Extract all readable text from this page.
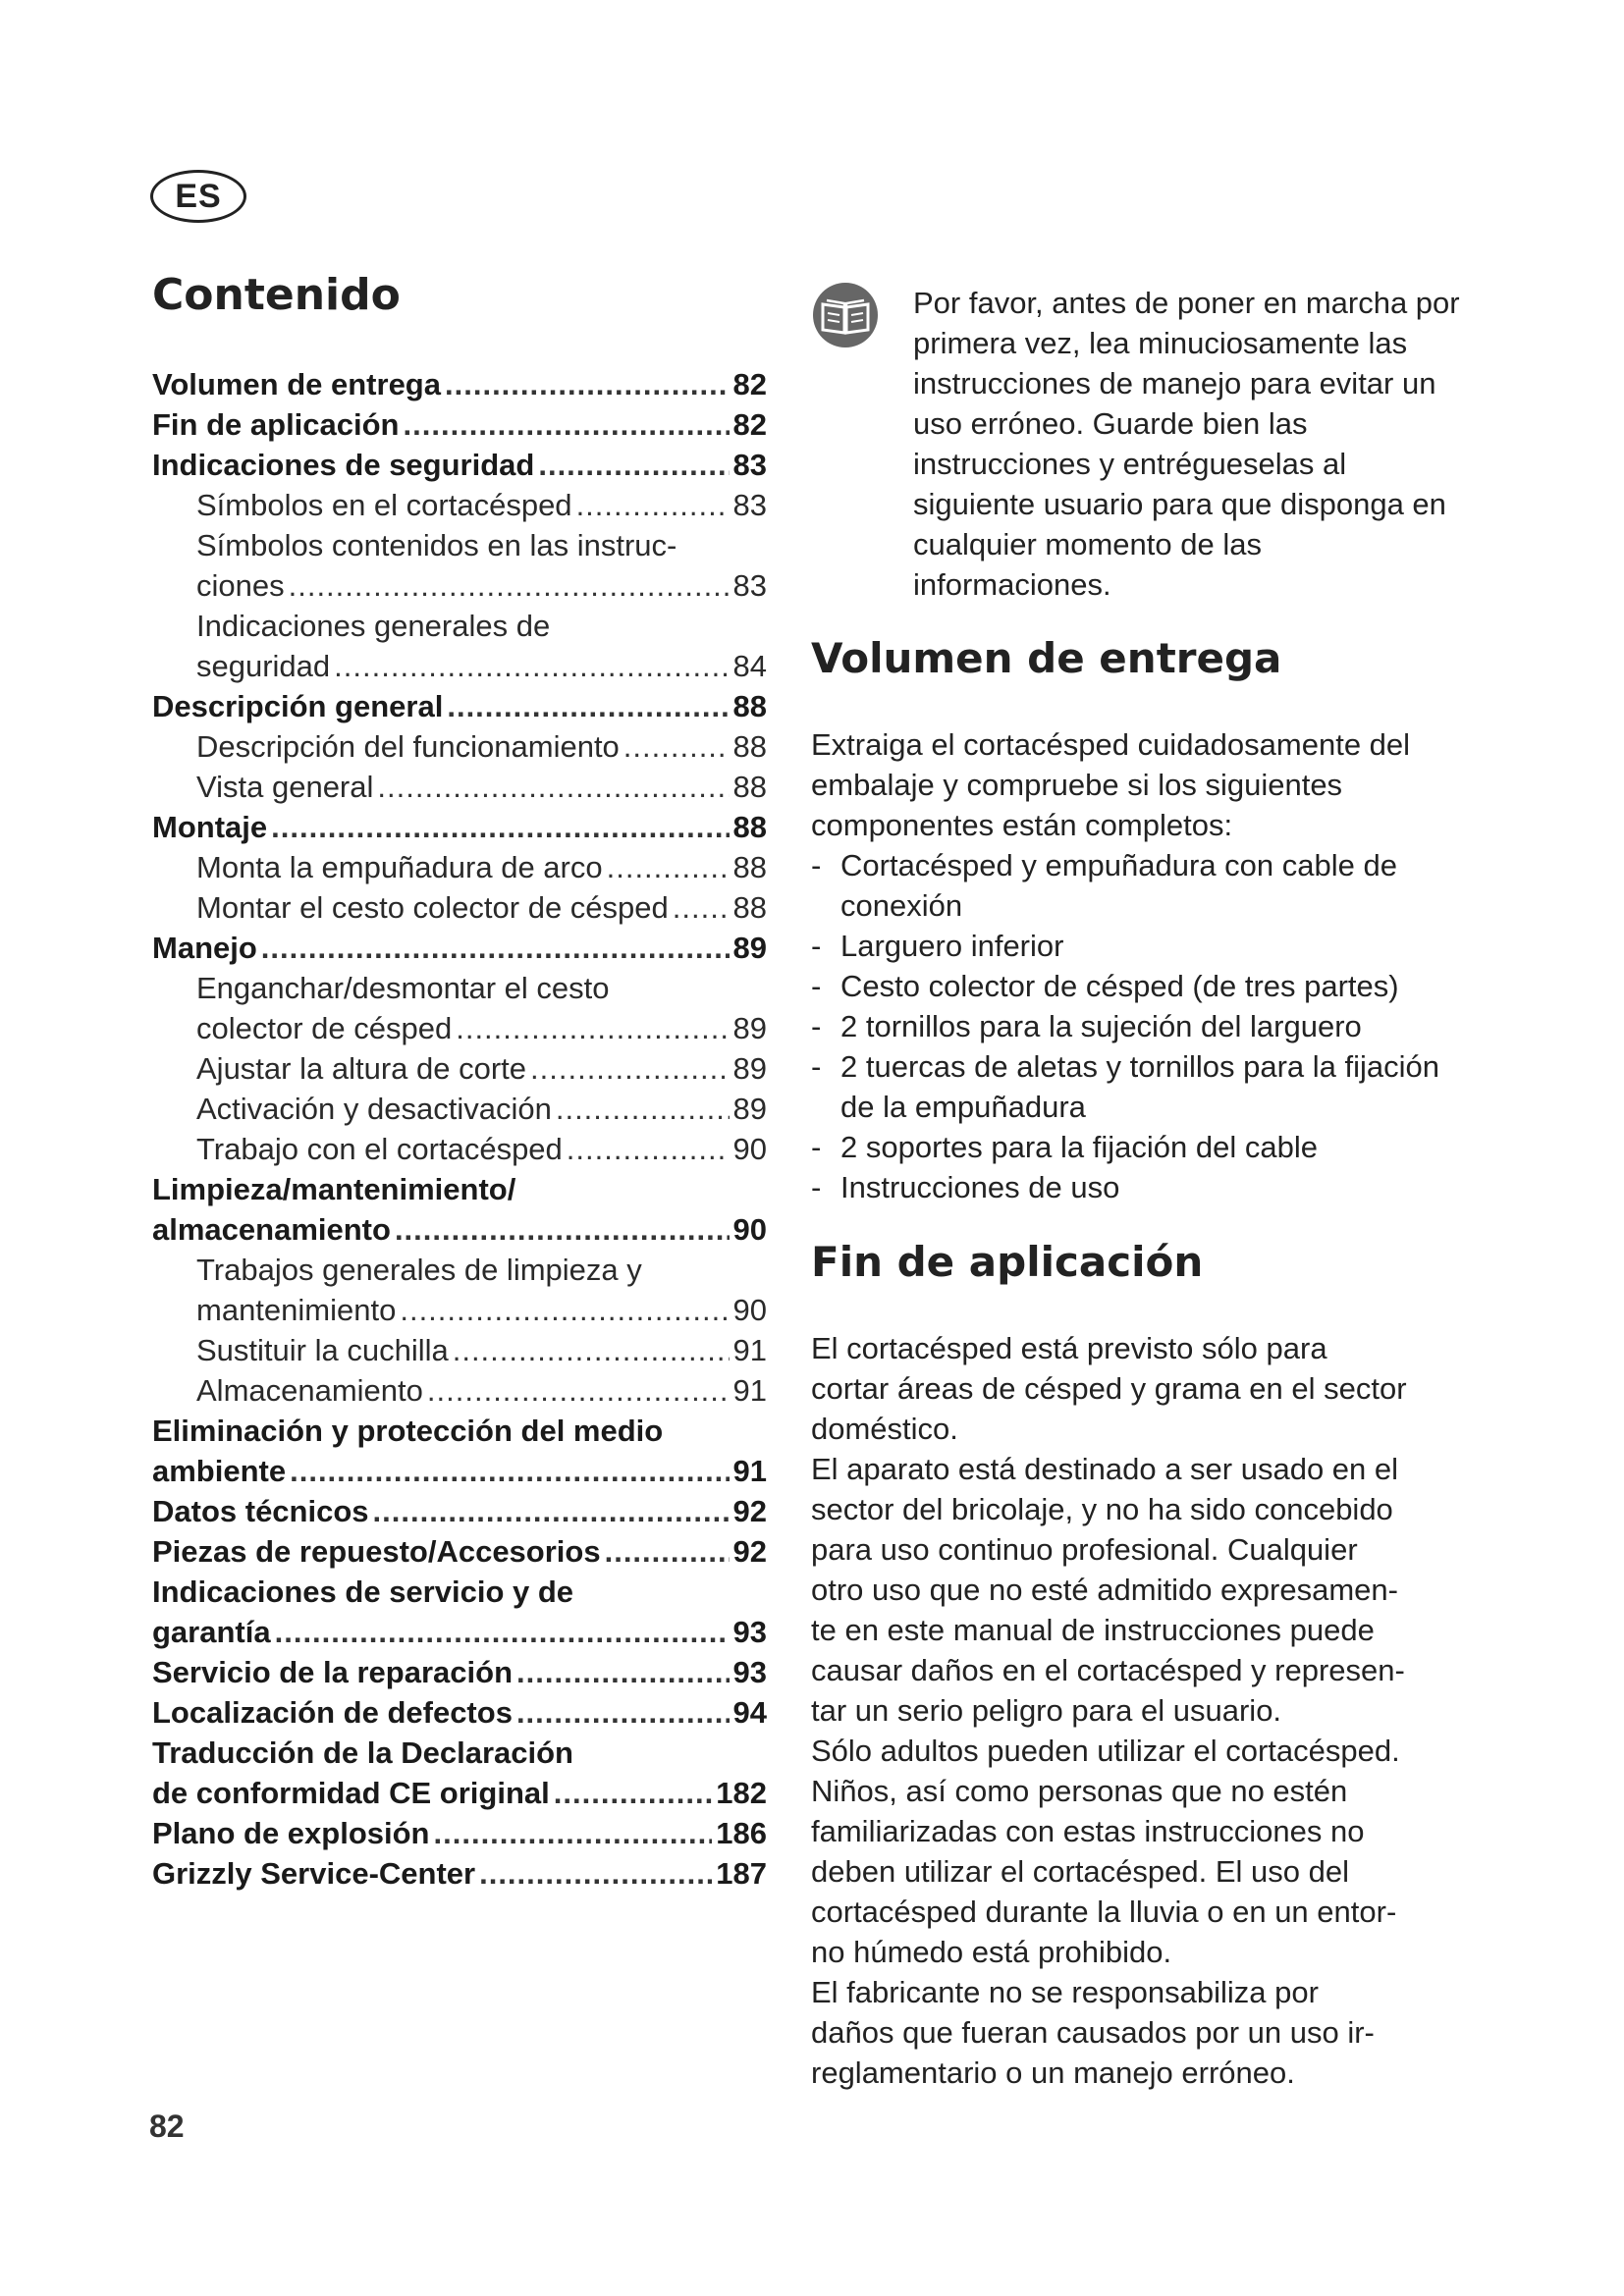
ES
Contenido
Volumen de entrega .....	82
Fin de aplicación .....	82
Indicaciones de seguridad .....	83
Símbolos en el cortacésped .....	83
Símbolos contenidos en las instruc-
ciones .....	83
Indicaciones generales de
seguridad .....	84
Descripción general .....	88
Descripción del funcionamiento .....	88
Vista general .....	88
Montaje .....	88
Monta la empuñadura de arco .....	88
Montar el cesto colector de césped ..... 88
Manejo .....	89
Enganchar/desmontar el cesto
colector de césped .....	89
Ajustar la altura de corte .....	89
Activación y desactivación .....	89
Trabajo con el cortacésped .....	90
Limpieza/mantenimiento/
almacenamiento .....	90
Trabajos generales de limpieza y
mantenimiento .....	90
Sustituir la cuchilla .....	91
Almacenamiento .....	91
Eliminación y protección del medio
ambiente .....	91
Datos técnicos .....	92
Piezas de repuesto/Accesorios .....	92
Indicaciones de servicio y de
garantía .....	93
Servicio de la reparación .....	93
Localización de defectos .....	94
Traducción de la Declaración
de conformidad CE original .....	182
Plano de explosión .....	186
Grizzly Service-Center .....	187

Por favor, antes de poner en marcha por primera vez, lea minuciosamente las instrucciones de manejo para evitar un uso erróneo. Guarde bien las instrucciones y entrégueselas al siguiente usuario para que disponga en cualquier momento de las informaciones.

Volumen de entrega

Extraiga el cortacésped cuidadosamente del embalaje y compruebe si los siguientes componentes están completos:

- Cortacésped y empuñadura con cable de conexión
- Larguero inferior
- Cesto colector de césped (de tres partes)
- 2 tornillos para la sujeción del larguero
- 2 tuercas de aletas y tornillos para la fijación de la empuñadura
- 2 soportes para la fijación del cable
- Instrucciones de uso
Fin de aplicación
El cortacésped está previsto sólo para
cortar áreas de césped y grama en el sector
doméstico.
El aparato está destinado a ser usado en el
sector del bricolaje, y no ha sido concebido
para uso continuo profesional. Cualquier
otro uso que no esté admitido expresamen-
te en este manual de instrucciones puede
causar daños en el cortacésped y represen-
tar un serio peligro para el usuario.
Sólo adultos pueden utilizar el cortacésped.
Niños, así como personas que no estén
familiarizadas con estas instrucciones no
deben utilizar el cortacésped. El uso del
cortacésped durante la lluvia o en un entor-
no húmedo está prohibido.
El fabricante no se responsabiliza por
daños que fueran causados por un uso ir-
reglamentario o un manejo erróneo.
82
